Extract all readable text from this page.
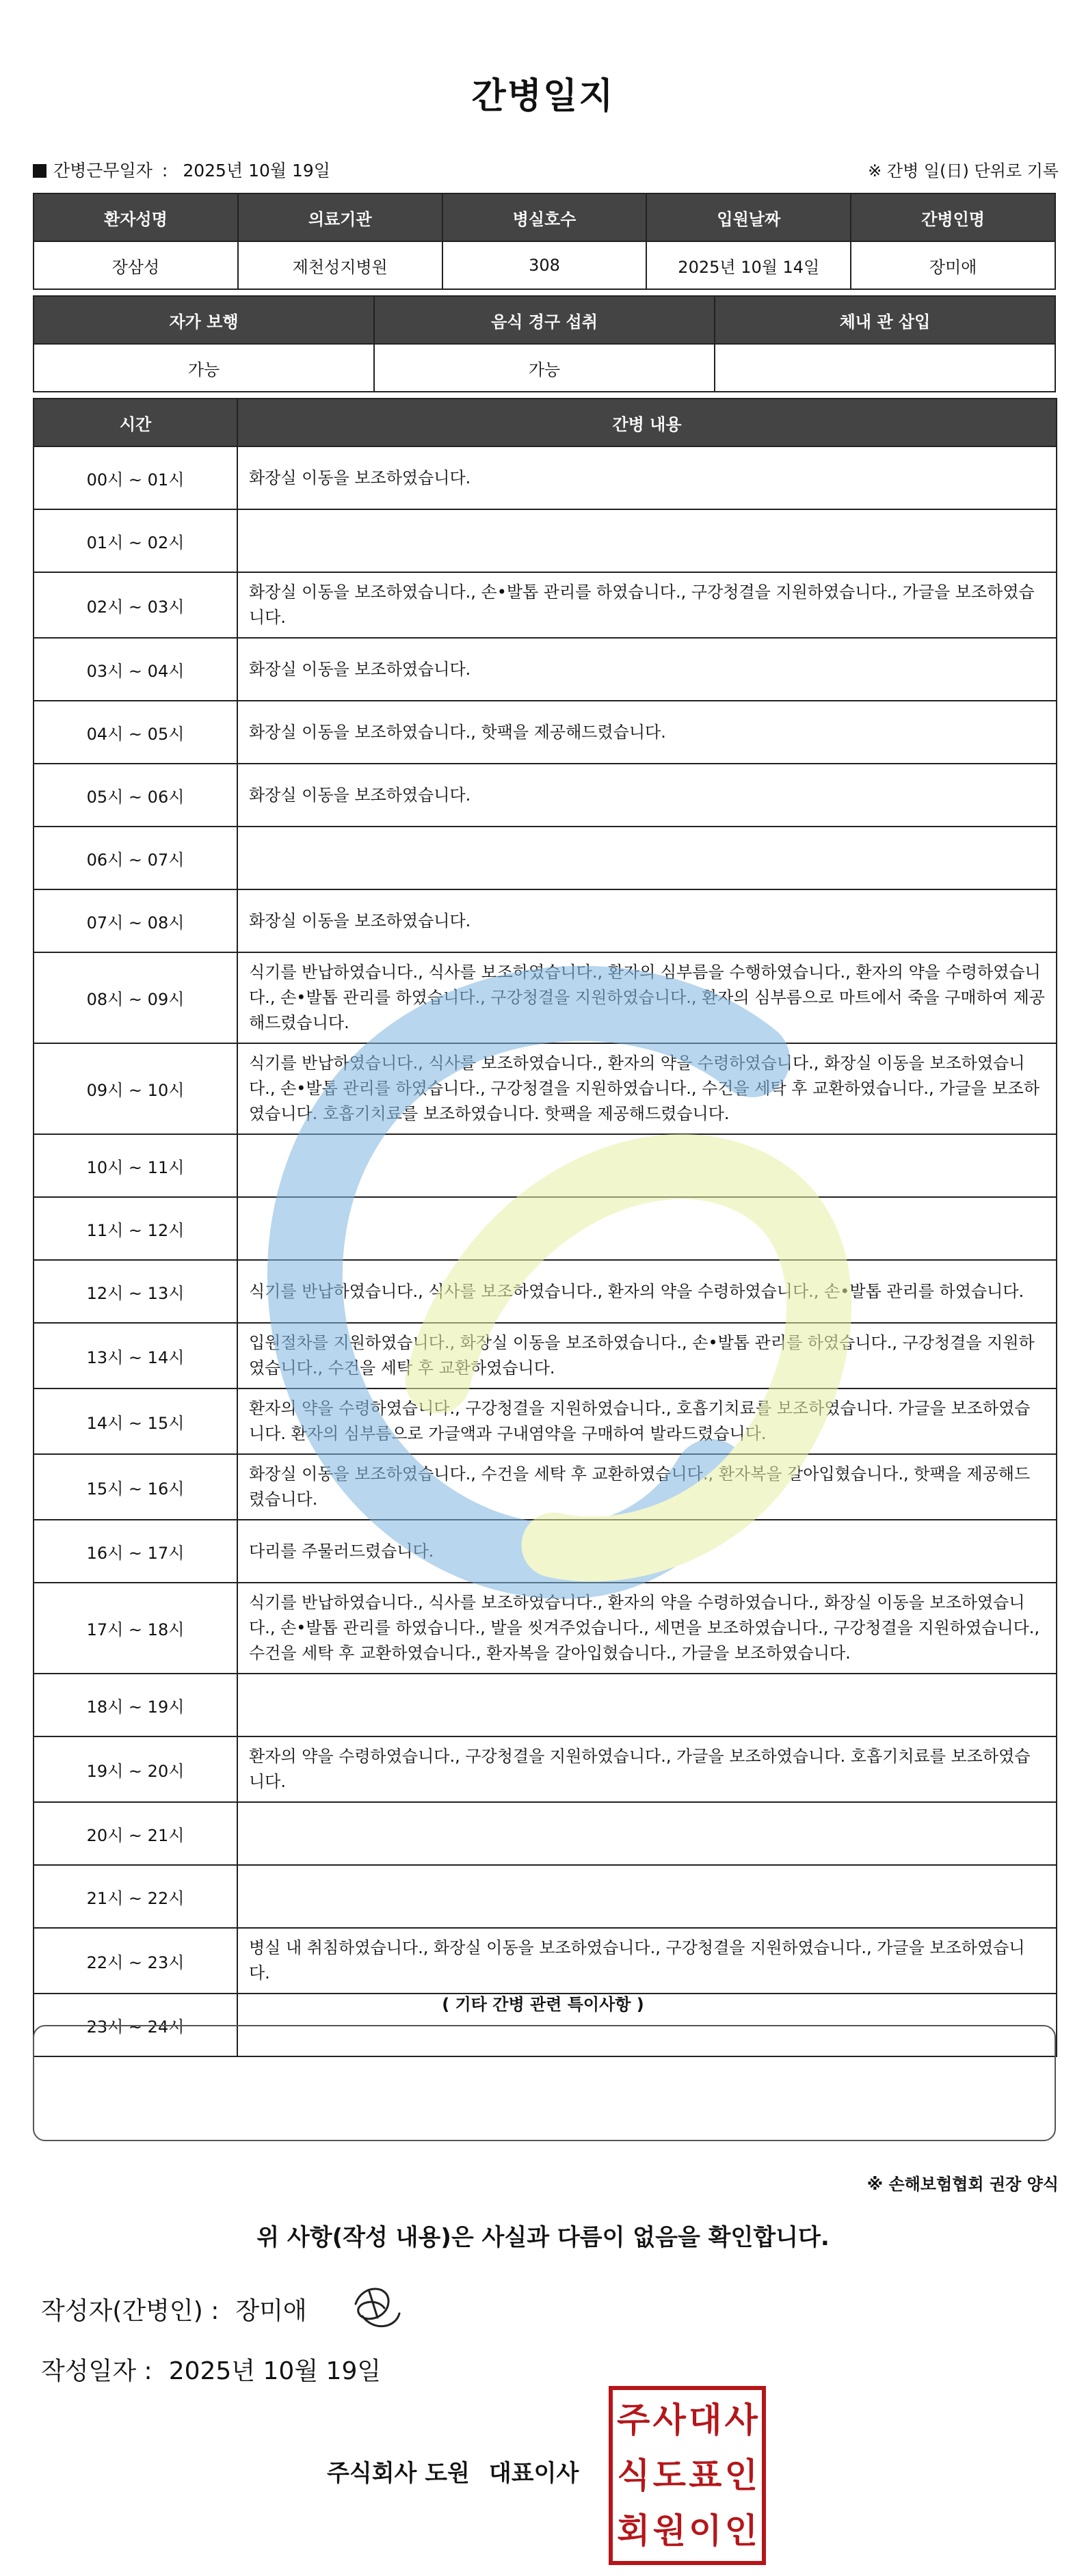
간병일지
간병근무일자 : 2025년 10월 19일	※ 간병 일(日) 단위로 기록
환자성명	의료기관	병실호수	입원날짜	간병인명
장삼성	제천성지병원	308	2025년 10월 14일	장미애
자가 보행	음식 경구 섭취	체내 관 삽입
가능	가능	
시간	간병 내용
00시 ~ 01시	화장실 이동을 보조하였습니다.
01시 ~ 02시	
02시 ~ 03시	화장실 이동을 보조하였습니다., 손•발톱 관리를 하였습니다., 구강청결을 지원하였습니다., 가글을 보조하였습니다.
03시 ~ 04시	화장실 이동을 보조하였습니다.
04시 ~ 05시	화장실 이동을 보조하였습니다., 핫팩을 제공해드렸습니다.
05시 ~ 06시	화장실 이동을 보조하였습니다.
06시 ~ 07시	
07시 ~ 08시	화장실 이동을 보조하였습니다.
08시 ~ 09시	식기를 반납하였습니다., 식사를 보조하였습니다., 환자의 심부름을 수행하였습니다., 환자의 약을 수령하였습니다., 손•발톱 관리를 하였습니다., 구강청결을 지원하였습니다., 환자의 심부름으로 마트에서 죽을 구매하여 제공해드렸습니다.
09시 ~ 10시	식기를 반납하였습니다., 식사를 보조하였습니다., 환자의 약을 수령하였습니다., 화장실 이동을 보조하였습니다., 손•발톱 관리를 하였습니다., 구강청결을 지원하였습니다., 수건을 세탁 후 교환하였습니다., 가글을 보조하였습니다. 호흡기치료를 보조하였습니다. 핫팩을 제공해드렸습니다.
10시 ~ 11시	
11시 ~ 12시	
12시 ~ 13시	식기를 반납하였습니다., 식사를 보조하였습니다., 환자의 약을 수령하였습니다., 손•발톱 관리를 하였습니다.
13시 ~ 14시	입원절차를 지원하였습니다., 화장실 이동을 보조하였습니다., 손•발톱 관리를 하였습니다., 구강청결을 지원하였습니다., 수건을 세탁 후 교환하였습니다.
14시 ~ 15시	환자의 약을 수령하였습니다., 구강청결을 지원하였습니다., 호흡기치료를 보조하였습니다. 가글을 보조하였습니다. 환자의 심부름으로 가글액과 구내염약을 구매하여 발라드렸습니다.
15시 ~ 16시	화장실 이동을 보조하였습니다., 수건을 세탁 후 교환하였습니다., 환자복을 갈아입혔습니다., 핫팩을 제공해드렸습니다.
16시 ~ 17시	다리를 주물러드렸습니다.
17시 ~ 18시	식기를 반납하였습니다., 식사를 보조하였습니다., 환자의 약을 수령하였습니다., 화장실 이동을 보조하였습니다., 손•발톱 관리를 하였습니다., 발을 씻겨주었습니다., 세면을 보조하였습니다., 구강청결을 지원하였습니다., 수건을 세탁 후 교환하였습니다., 환자복을 갈아입혔습니다., 가글을 보조하였습니다.
18시 ~ 19시	
19시 ~ 20시	환자의 약을 수령하였습니다., 구강청결을 지원하였습니다., 가글을 보조하였습니다. 호흡기치료를 보조하였습니다.
20시 ~ 21시	
21시 ~ 22시	
22시 ~ 23시	병실 내 취침하였습니다., 화장실 이동을 보조하였습니다., 구강청결을 지원하였습니다., 가글을 보조하였습니다.
23시 ~ 24시	
( 기타 간병 관련 특이사항 )
※ 손해보험협회 권장 양식
위 사항(작성 내용)은 사실과 다름이 없음을 확인합니다.
작성자(간병인) : 장미애
작성일자 : 2025년 10월 19일
주식회사 도원 대표이사
주 사 대 사
식 도 표 인
회 원 이 인
